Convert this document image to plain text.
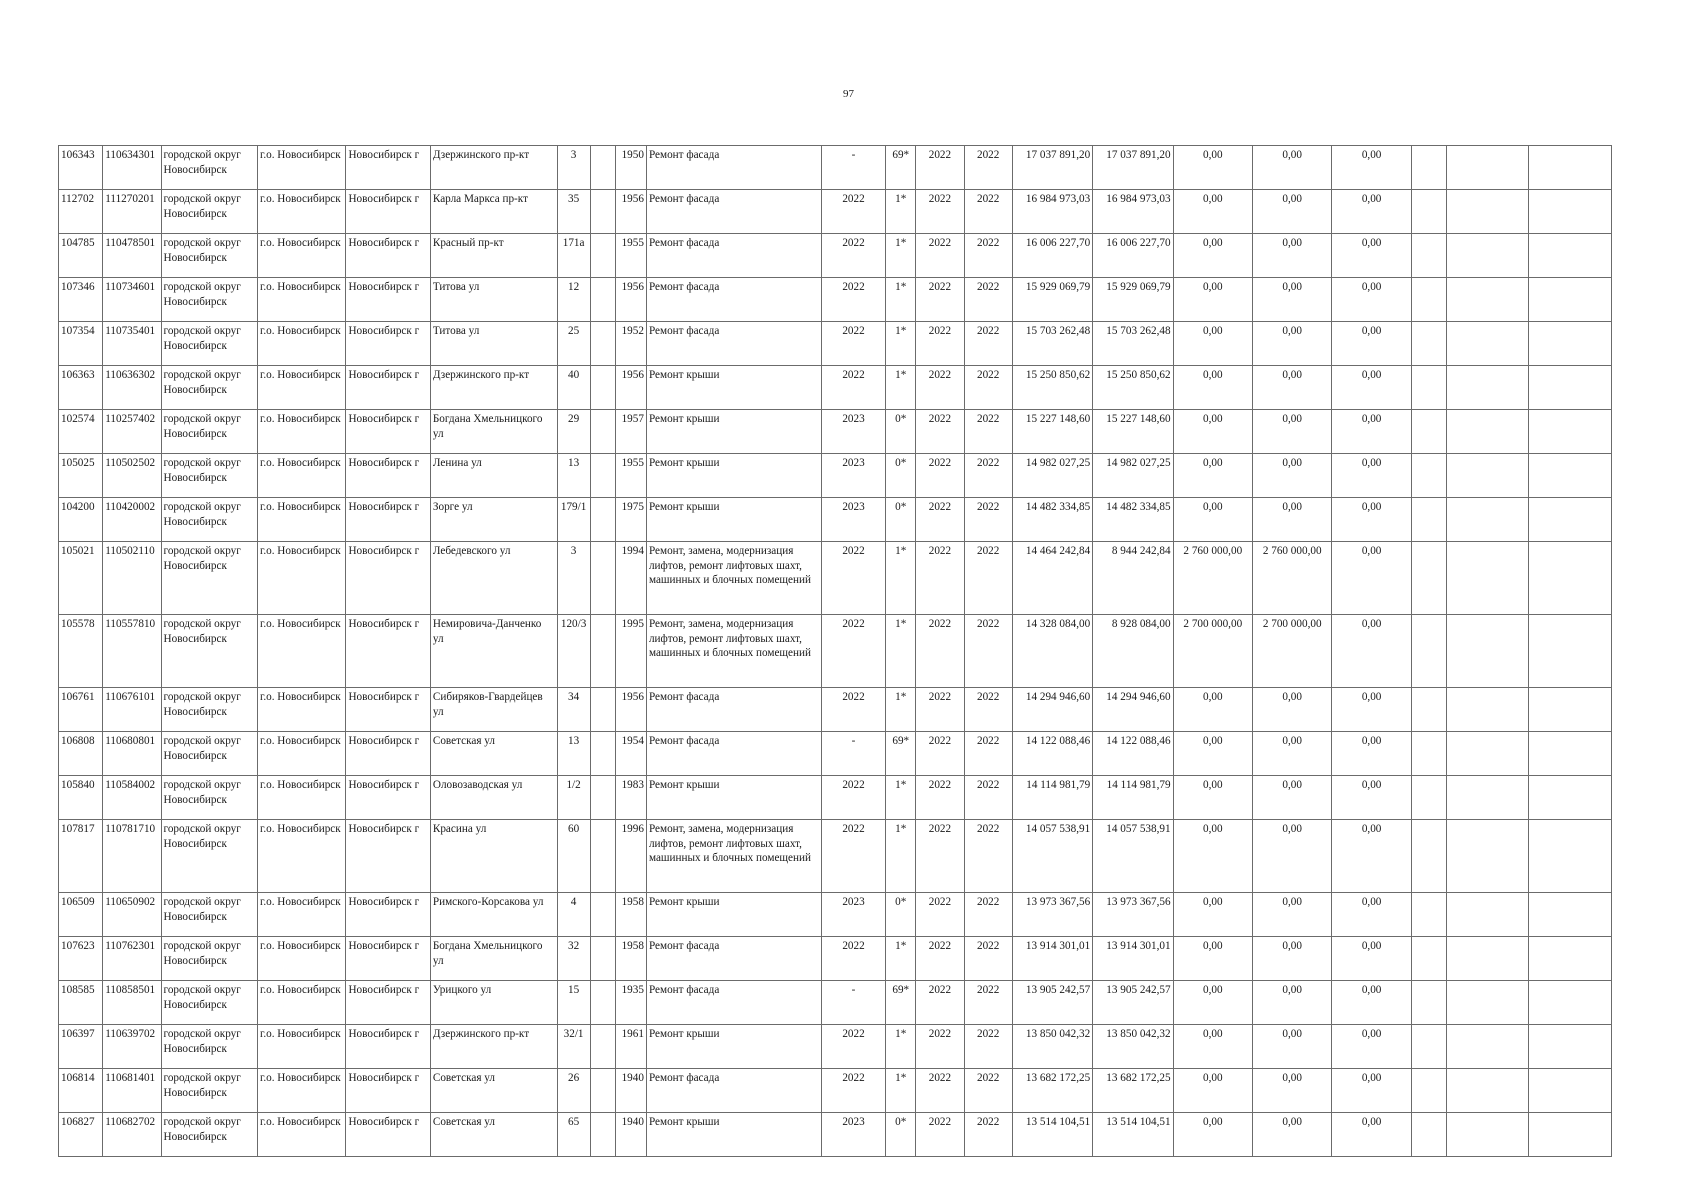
97
106343	110634301	городской округ Новосибирск	г.о. Новосибирск	Новосибирск г	Дзержинского пр-кт	3		1950	Ремонт фасада	-	69*	2022	2022	17 037 891,20	17 037 891,20	0,00	0,00	0,00			
112702	111270201	городской округ Новосибирск	г.о. Новосибирск	Новосибирск г	Карла Маркса пр-кт	35		1956	Ремонт фасада	2022	1*	2022	2022	16 984 973,03	16 984 973,03	0,00	0,00	0,00			
104785	110478501	городской округ Новосибирск	г.о. Новосибирск	Новосибирск г	Красный пр-кт	171а		1955	Ремонт фасада	2022	1*	2022	2022	16 006 227,70	16 006 227,70	0,00	0,00	0,00			
107346	110734601	городской округ Новосибирск	г.о. Новосибирск	Новосибирск г	Титова ул	12		1956	Ремонт фасада	2022	1*	2022	2022	15 929 069,79	15 929 069,79	0,00	0,00	0,00			
107354	110735401	городской округ Новосибирск	г.о. Новосибирск	Новосибирск г	Титова ул	25		1952	Ремонт фасада	2022	1*	2022	2022	15 703 262,48	15 703 262,48	0,00	0,00	0,00			
106363	110636302	городской округ Новосибирск	г.о. Новосибирск	Новосибирск г	Дзержинского пр-кт	40		1956	Ремонт крыши	2022	1*	2022	2022	15 250 850,62	15 250 850,62	0,00	0,00	0,00			
102574	110257402	городской округ Новосибирск	г.о. Новосибирск	Новосибирск г	Богдана Хмельницкого ул	29		1957	Ремонт крыши	2023	0*	2022	2022	15 227 148,60	15 227 148,60	0,00	0,00	0,00			
105025	110502502	городской округ Новосибирск	г.о. Новосибирск	Новосибирск г	Ленина ул	13		1955	Ремонт крыши	2023	0*	2022	2022	14 982 027,25	14 982 027,25	0,00	0,00	0,00			
104200	110420002	городской округ Новосибирск	г.о. Новосибирск	Новосибирск г	Зорге ул	179/1		1975	Ремонт крыши	2023	0*	2022	2022	14 482 334,85	14 482 334,85	0,00	0,00	0,00			
105021	110502110	городской округ Новосибирск	г.о. Новосибирск	Новосибирск г	Лебедевского ул	3		1994	Ремонт, замена, модернизация лифтов, ремонт лифтовых шахт, машинных и блочных помещений	2022	1*	2022	2022	14 464 242,84	8 944 242,84	2 760 000,00	2 760 000,00	0,00			
105578	110557810	городской округ Новосибирск	г.о. Новосибирск	Новосибирск г	Немировича-Данченко ул	120/3		1995	Ремонт, замена, модернизация лифтов, ремонт лифтовых шахт, машинных и блочных помещений	2022	1*	2022	2022	14 328 084,00	8 928 084,00	2 700 000,00	2 700 000,00	0,00			
106761	110676101	городской округ Новосибирск	г.о. Новосибирск	Новосибирск г	Сибиряков-Гвардейцев ул	34		1956	Ремонт фасада	2022	1*	2022	2022	14 294 946,60	14 294 946,60	0,00	0,00	0,00			
106808	110680801	городской округ Новосибирск	г.о. Новосибирск	Новосибирск г	Советская ул	13		1954	Ремонт фасада	-	69*	2022	2022	14 122 088,46	14 122 088,46	0,00	0,00	0,00			
105840	110584002	городской округ Новосибирск	г.о. Новосибирск	Новосибирск г	Оловозаводская ул	1/2		1983	Ремонт крыши	2022	1*	2022	2022	14 114 981,79	14 114 981,79	0,00	0,00	0,00			
107817	110781710	городской округ Новосибирск	г.о. Новосибирск	Новосибирск г	Красина ул	60		1996	Ремонт, замена, модернизация лифтов, ремонт лифтовых шахт, машинных и блочных помещений	2022	1*	2022	2022	14 057 538,91	14 057 538,91	0,00	0,00	0,00			
106509	110650902	городской округ Новосибирск	г.о. Новосибирск	Новосибирск г	Римского-Корсакова ул	4		1958	Ремонт крыши	2023	0*	2022	2022	13 973 367,56	13 973 367,56	0,00	0,00	0,00			
107623	110762301	городской округ Новосибирск	г.о. Новосибирск	Новосибирск г	Богдана Хмельницкого ул	32		1958	Ремонт фасада	2022	1*	2022	2022	13 914 301,01	13 914 301,01	0,00	0,00	0,00			
108585	110858501	городской округ Новосибирск	г.о. Новосибирск	Новосибирск г	Урицкого ул	15		1935	Ремонт фасада	-	69*	2022	2022	13 905 242,57	13 905 242,57	0,00	0,00	0,00			
106397	110639702	городской округ Новосибирск	г.о. Новосибирск	Новосибирск г	Дзержинского пр-кт	32/1		1961	Ремонт крыши	2022	1*	2022	2022	13 850 042,32	13 850 042,32	0,00	0,00	0,00			
106814	110681401	городской округ Новосибирск	г.о. Новосибирск	Новосибирск г	Советская ул	26		1940	Ремонт фасада	2022	1*	2022	2022	13 682 172,25	13 682 172,25	0,00	0,00	0,00			
106827	110682702	городской округ Новосибирск	г.о. Новосибирск	Новосибирск г	Советская ул	65		1940	Ремонт крыши	2023	0*	2022	2022	13 514 104,51	13 514 104,51	0,00	0,00	0,00			
